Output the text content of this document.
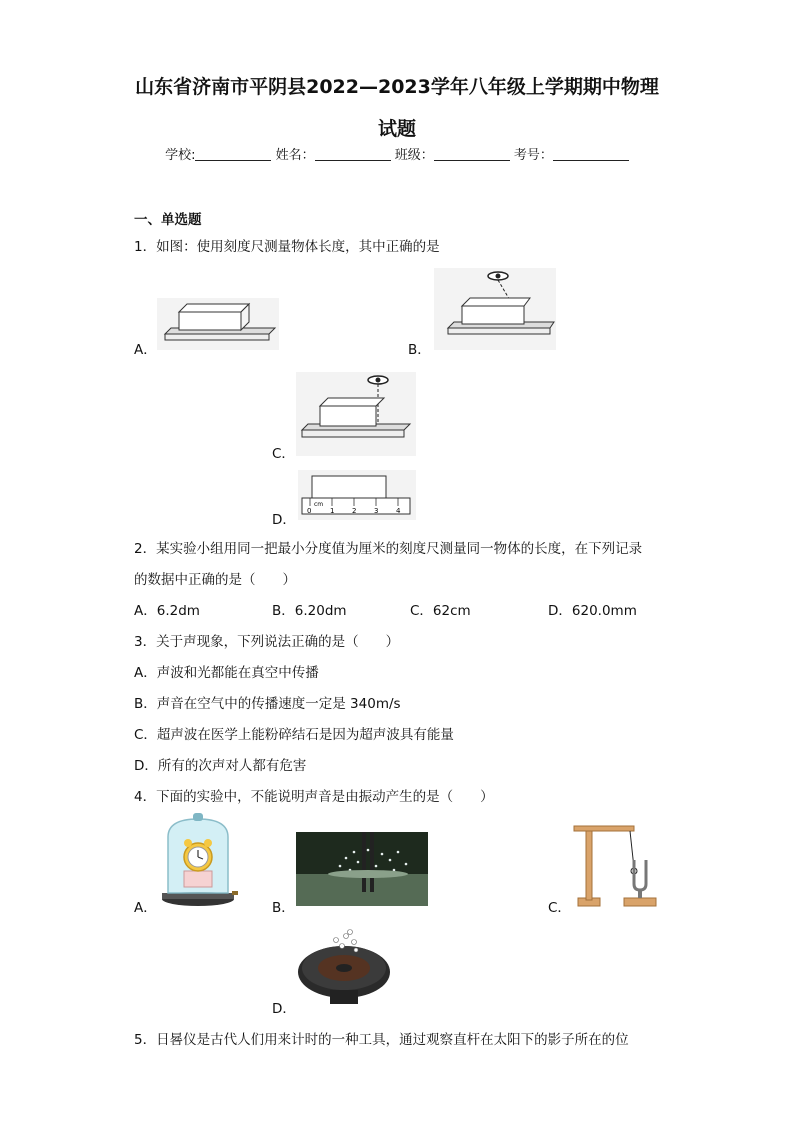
山东省济南市平阴县2022—2023学年八年级上学期期中物理
试题
学校:	姓名：	班级：	考号：
一、单选题
1．如图：使用刻度尺测量物体长度，其中正确的是
A．	B．
C．
D．
0
cm
1	2	3	4
2．某实验小组用同一把最小分度值为厘米的刻度尺测量同一物体的长度，在下列记录
的数据中正确的是（　　）
A．6.2dm	B．6.20dm	C．62cm	D．620.0mm
3．关于声现象，下列说法正确的是（　　）
A．声波和光都能在真空中传播
B．声音在空气中的传播速度一定是 340m/s
C．超声波在医学上能粉碎结石是因为超声波具有能量
D．所有的次声对人都有危害
4．下面的实验中，不能说明声音是由振动产生的是（　　）
A．	B．	C．
D．
5．日晷仪是古代人们用来计时的一种工具，通过观察直杆在太阳下的影子所在的位
